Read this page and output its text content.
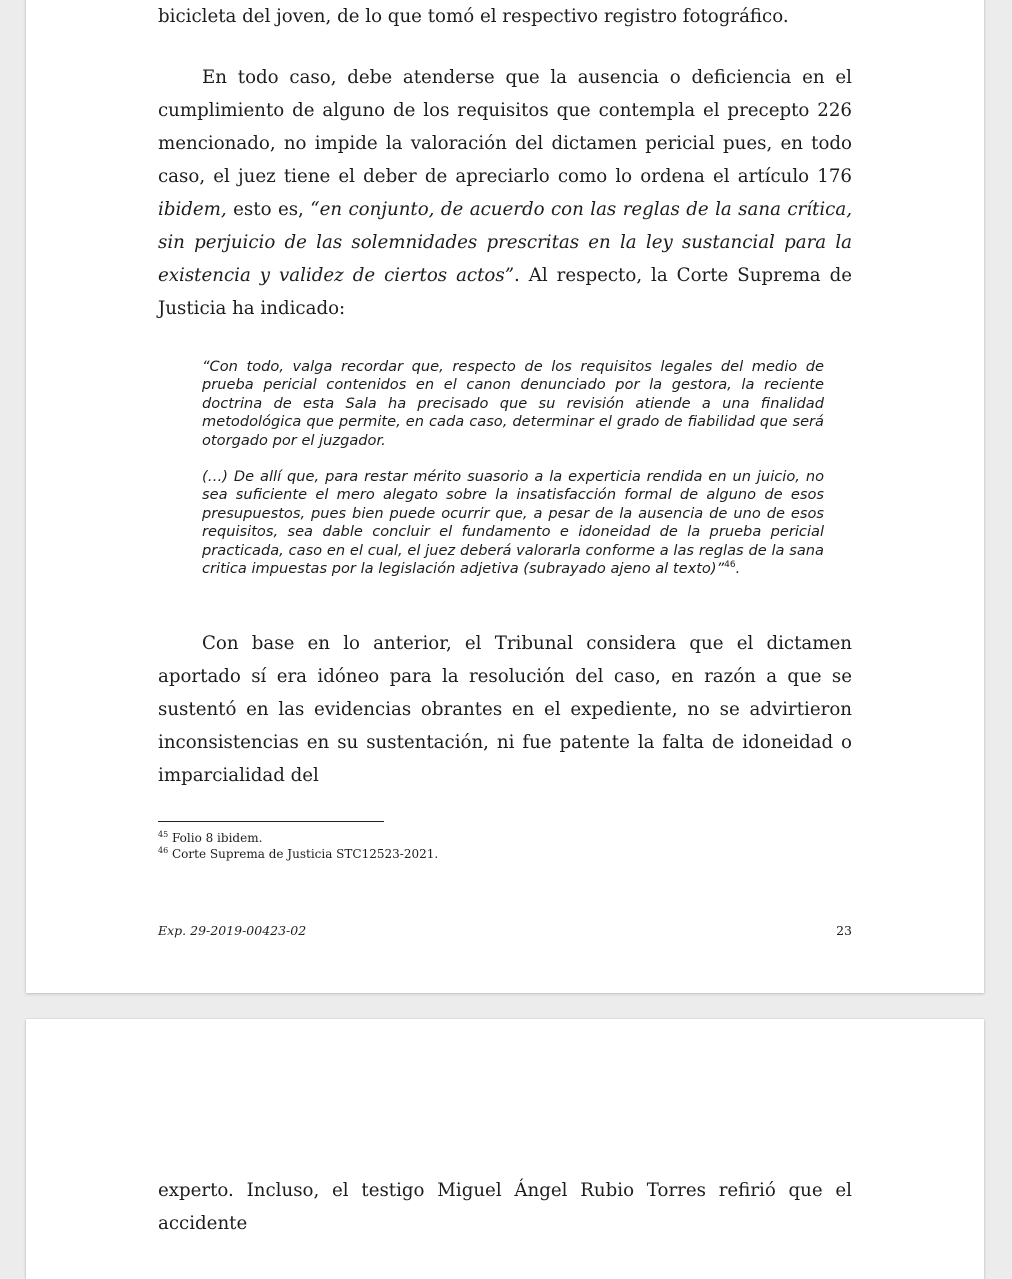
bicicleta del joven, de lo que tomó el respectivo registro fotográfico.

En todo caso, debe atenderse que la ausencia o deficiencia en el cumplimiento de alguno de los requisitos que contempla el precepto 226 mencionado, no impide la valoración del dictamen pericial pues, en todo caso, el juez tiene el deber de apreciarlo como lo ordena el artículo 176 ibidem, esto es, “en conjunto, de acuerdo con las reglas de la sana crítica, sin perjuicio de las solemnidades prescritas en la ley sustancial para la existencia y validez de ciertos actos”. Al respecto, la Corte Suprema de Justicia ha indicado:

“Con todo, valga recordar que, respecto de los requisitos legales del medio de prueba pericial contenidos en el canon denunciado por la gestora, la reciente doctrina de esta Sala ha precisado que su revisión atiende a una finalidad metodológica que permite, en cada caso, determinar el grado de fiabilidad que será otorgado por el juzgador.

(…) De allí que, para restar mérito suasorio a la experticia rendida en un juicio, no sea suficiente el mero alegato sobre la insatisfacción formal de alguno de esos presupuestos, pues bien puede ocurrir que, a pesar de la ausencia de uno de esos requisitos, sea dable concluir el fundamento e idoneidad de la prueba pericial practicada, caso en el cual, el juez deberá valorarla conforme a las reglas de la sana critica impuestas por la legislación adjetiva (subrayado ajeno al texto)”$^{46}$.

Con base en lo anterior, el Tribunal considera que el dictamen aportado sí era idóneo para la resolución del caso, en razón a que se sustentó en las evidencias obrantes en el expediente, no se advirtieron inconsistencias en su sustentación, ni fue patente la falta de idoneidad o imparcialidad del

$^{45}$ Folio 8 ibidem.

$^{46}$ Corte Suprema de Justicia STC12523-2021.

Exp. 29-2019-00423-02	23

experto. Incluso, el testigo Miguel Ángel Rubio Torres refirió que el accidente
